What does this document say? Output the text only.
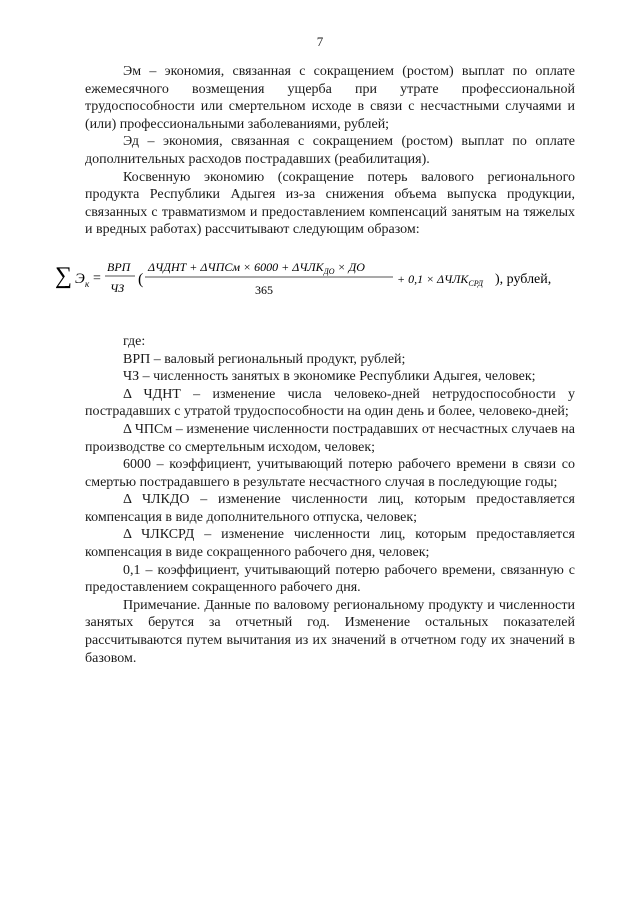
7

Эм – экономия, связанная с сокращением (ростом) выплат по оплате ежемесячного возмещения ущерба при утрате профессиональной трудоспособности или смертельном исходе в связи с несчастными случаями и (или) профессиональными заболеваниями, рублей;

Эд – экономия, связанная с сокращением (ростом) выплат по оплате дополнительных расходов пострадавших (реабилитация).

Косвенную экономию (сокращение потерь валового регионального продукта Республики Адыгея из-за снижения объема выпуска продукции, связанных с травматизмом и предоставлением компенсаций занятым на тяжелых и вредных работах) рассчитывают следующим образом:

∑ Э к =
ВРП
ЧЗ (
ΔЧДНТ + ΔЧПСм × $6000 + \Delta ЧЛК_{ДО}$ × ДО
365
+ $0,1 \times \Delta ЧЛК_{СРД}$ ), рублей,

где:

ВРП – валовый региональный продукт, рублей;

ЧЗ – численность занятых в экономике Республики Адыгея, человек;

Δ ЧДНТ – изменение числа человеко-дней нетрудоспособности у пострадавших с утратой трудоспособности на один день и более, человеко-дней;

Δ ЧПСм – изменение численности пострадавших от несчастных случаев на производстве со смертельным исходом, человек;

6000 – коэффициент, учитывающий потерю рабочего времени в связи со смертью пострадавшего в результате несчастного случая в последующие годы;

Δ ЧЛКДО – изменение численности лиц, которым предоставляется компенсация в виде дополнительного отпуска, человек;

Δ ЧЛКСРД – изменение численности лиц, которым предоставляется компенсация в виде сокращенного рабочего дня, человек;

0,1 – коэффициент, учитывающий потерю рабочего времени, связанную с предоставлением сокращенного рабочего дня.

Примечание. Данные по валовому региональному продукту и численности занятых берутся за отчетный год. Изменение остальных показателей рассчитываются путем вычитания из их значений в отчетном году их значений в базовом.
